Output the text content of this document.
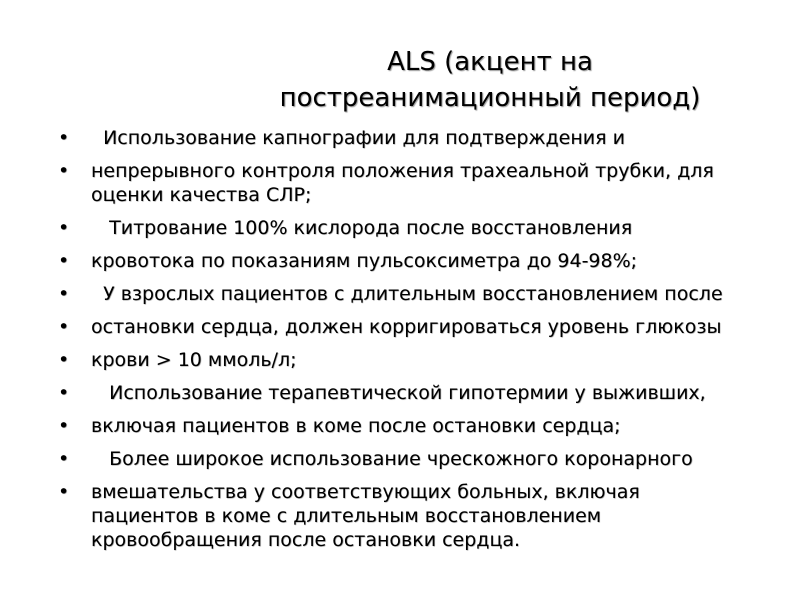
ALS (акцент на
постреанимационный период)
•	Использование капнографии для подтверждения и
• непрерывного контроля положения трахеальной трубки, для
оценки качества СЛР;
•	Титрование 100% кислорода после восстановления
• кровотока по показаниям пульсоксиметра до 94-98%;
•	У взрослых пациентов с длительным восстановлением после
• остановки сердца, должен корригироваться уровень глюкозы
• крови > 10 ммоль/л;
•	Использование терапевтической гипотермии у выживших,
• включая пациентов в коме после остановки сердца;
•	Более широкое использование чрескожного коронарного
• вмешательства у соответствующих больных, включая
пациентов в коме с длительным восстановлением
кровообращения после остановки сердца.
